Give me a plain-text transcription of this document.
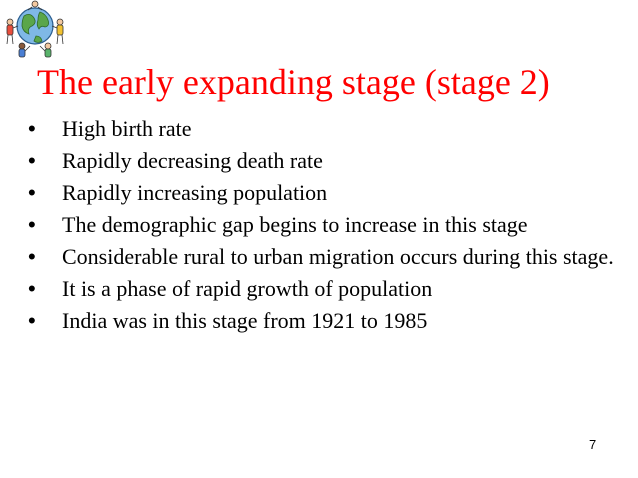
The early expanding stage (stage 2)
• High birth rate
• Rapidly decreasing death rate
• Rapidly increasing population
• The demographic gap begins to increase in this stage
• Considerable rural to urban migration occurs during this stage.
• It is a phase of rapid growth of population
• India was in this stage from 1921 to 1985
7
